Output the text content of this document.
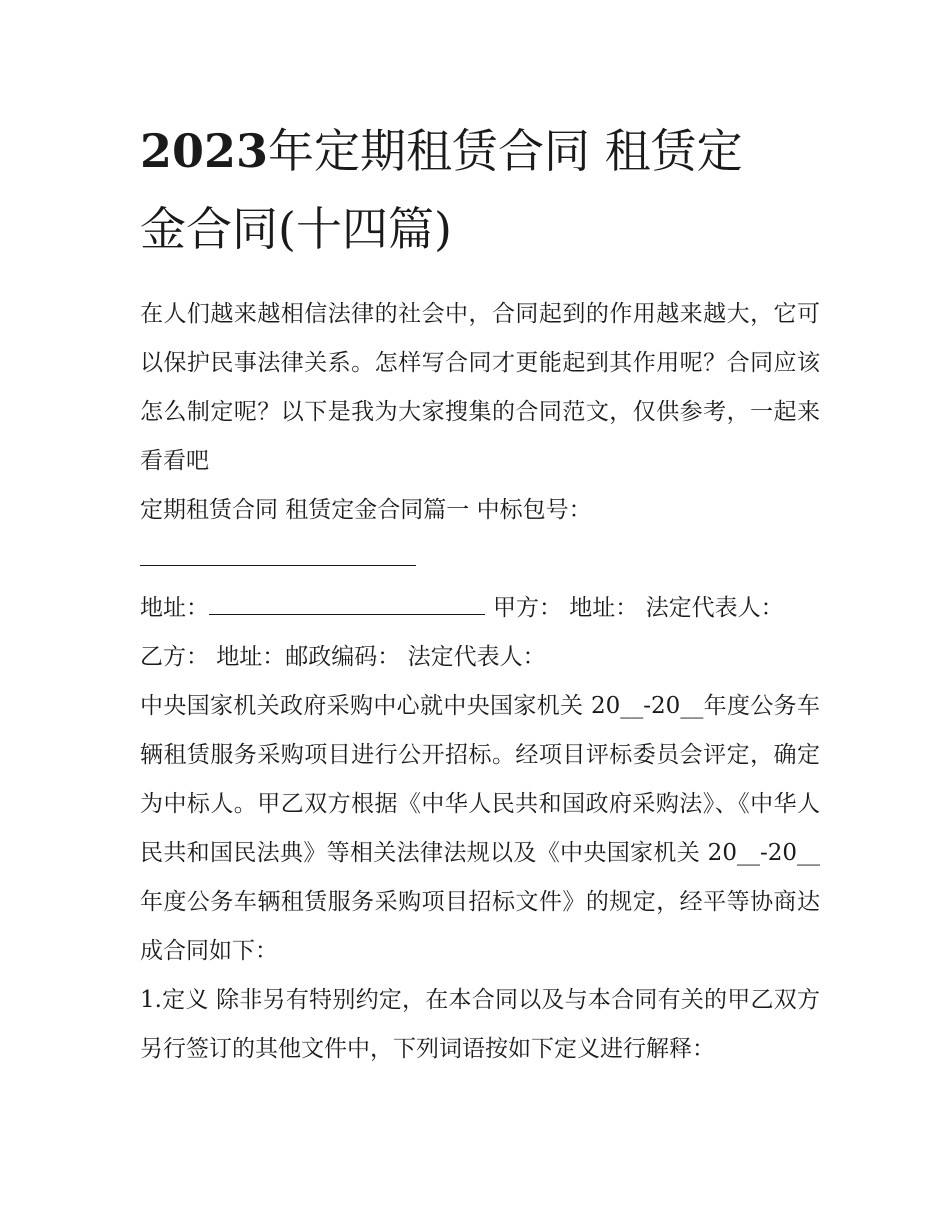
2023年定期租赁合同 租赁定
金合同(十四篇)

在人们越来越相信法律的社会中，合同起到的作用越来越大，它可以保护民事法律关系。怎样写合同才更能起到其作用呢？合同应该怎么制定呢？以下是我为大家搜集的合同范文，仅供参考，一起来看看吧

定期租赁合同 租赁定金合同篇一 中标包号：

地址：	甲方： 地址： 法定代表人：

乙方： 地址：邮政编码： 法定代表人：

中央国家机关政府采购中心就中央国家机关 20__-20__年度公务车辆租赁服务采购项目进行公开招标。经项目评标委员会评定，确定为中标人。甲乙双方根据《中华人民共和国政府采购法》、《中华人民共和国民法典》等相关法律法规以及《中央国家机关 20__-20__年度公务车辆租赁服务采购项目招标文件》的规定，经平等协商达成合同如下：

1.定义 除非另有特别约定，在本合同以及与本合同有关的甲乙双方另行签订的其他文件中，下列词语按如下定义进行解释：
